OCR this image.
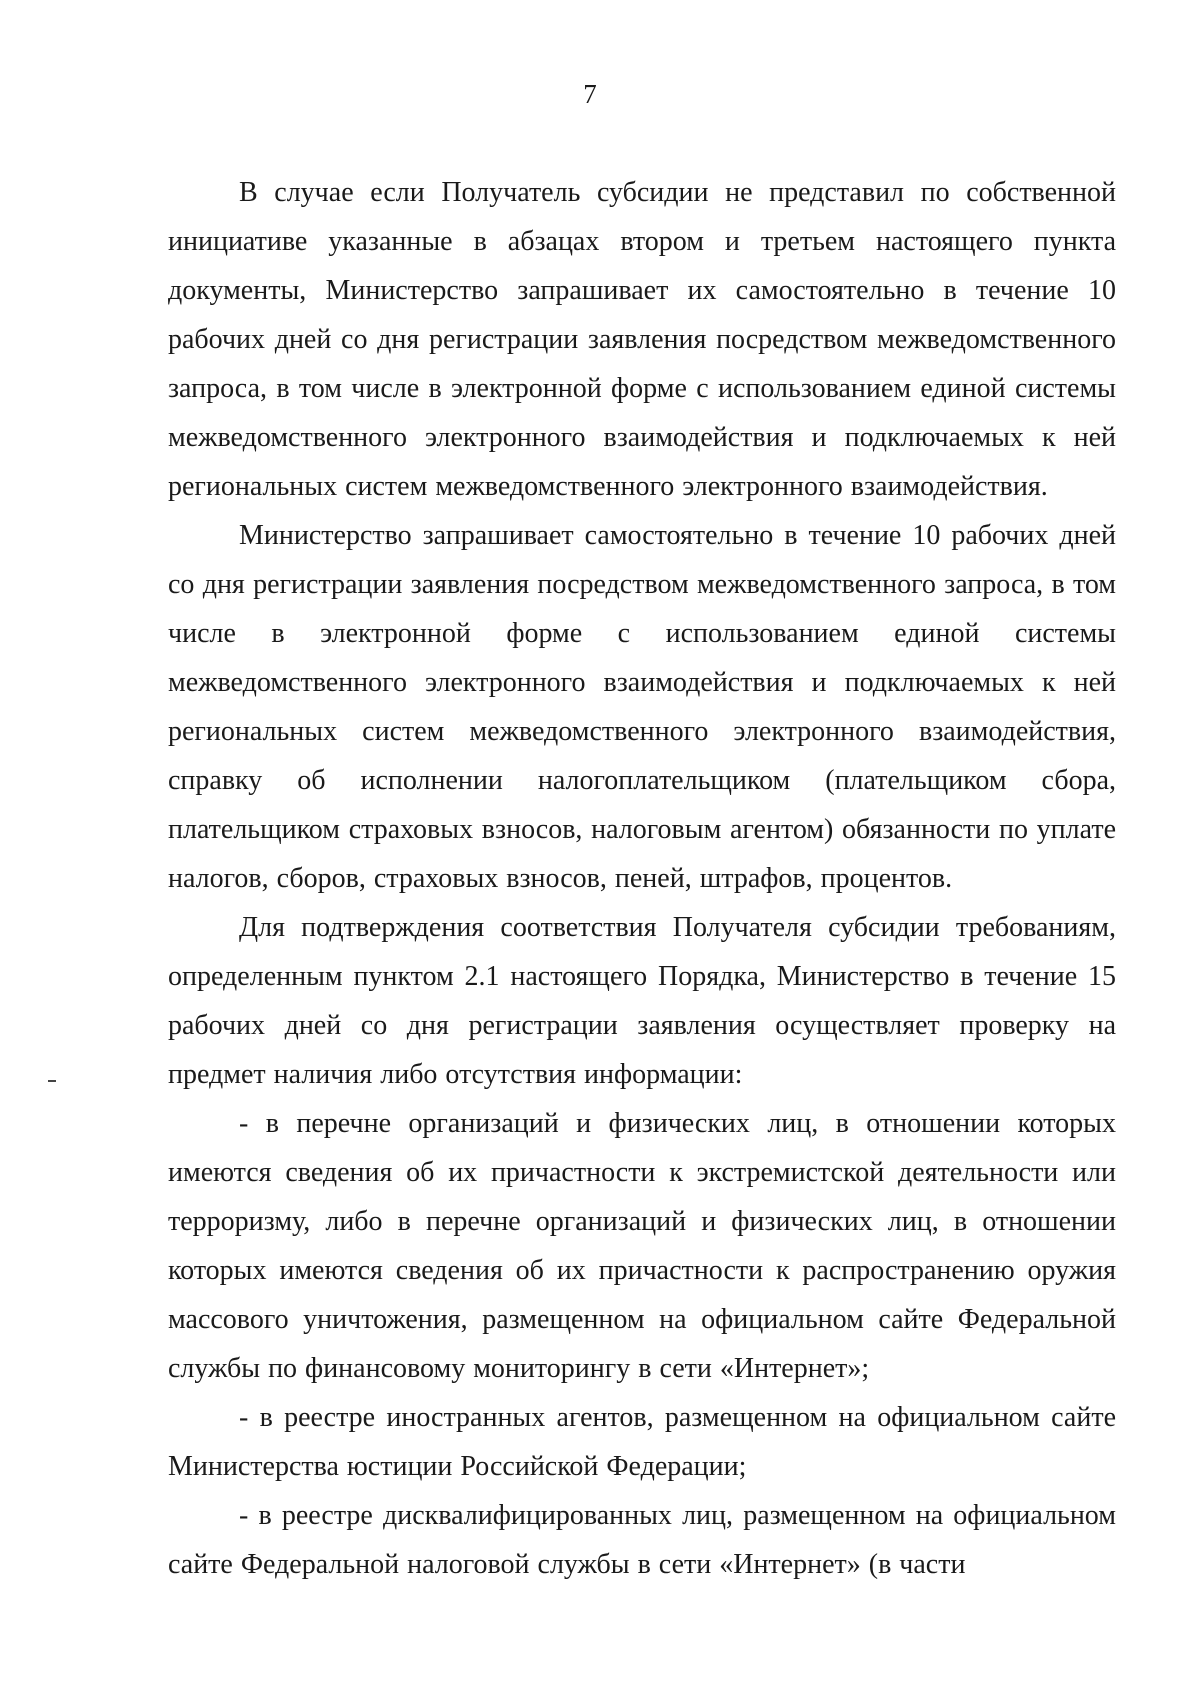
7

В случае если Получатель субсидии не представил по собственной инициативе указанные в абзацах втором и третьем настоящего пункта документы, Министерство запрашивает их самостоятельно в течение 10 рабочих дней со дня регистрации заявления посредством межведомственного запроса, в том числе в электронной форме с использованием единой системы межведомственного электронного взаимодействия и подключаемых к ней региональных систем межведомственного электронного взаимодействия.

Министерство запрашивает самостоятельно в течение 10 рабочих дней со дня регистрации заявления посредством межведомственного запроса, в том числе в электронной форме с использованием единой системы межведомственного электронного взаимодействия и подключаемых к ней региональных систем межведомственного электронного взаимодействия, справку об исполнении налогоплательщиком (плательщиком сбора, плательщиком страховых взносов, налоговым агентом) обязанности по уплате налогов, сборов, страховых взносов, пеней, штрафов, процентов.

Для подтверждения соответствия Получателя субсидии требованиям, определенным пунктом 2.1 настоящего Порядка, Министерство в течение 15 рабочих дней со дня регистрации заявления осуществляет проверку на предмет наличия либо отсутствия информации:

- в перечне организаций и физических лиц, в отношении которых имеются сведения об их причастности к экстремистской деятельности или терроризму, либо в перечне организаций и физических лиц, в отношении которых имеются сведения об их причастности к распространению оружия массового уничтожения, размещенном на официальном сайте Федеральной службы по финансовому мониторингу в сети «Интернет»;

- в реестре иностранных агентов, размещенном на официальном сайте Министерства юстиции Российской Федерации;

- в реестре дисквалифицированных лиц, размещенном на официальном сайте Федеральной налоговой службы в сети «Интернет» (в части
